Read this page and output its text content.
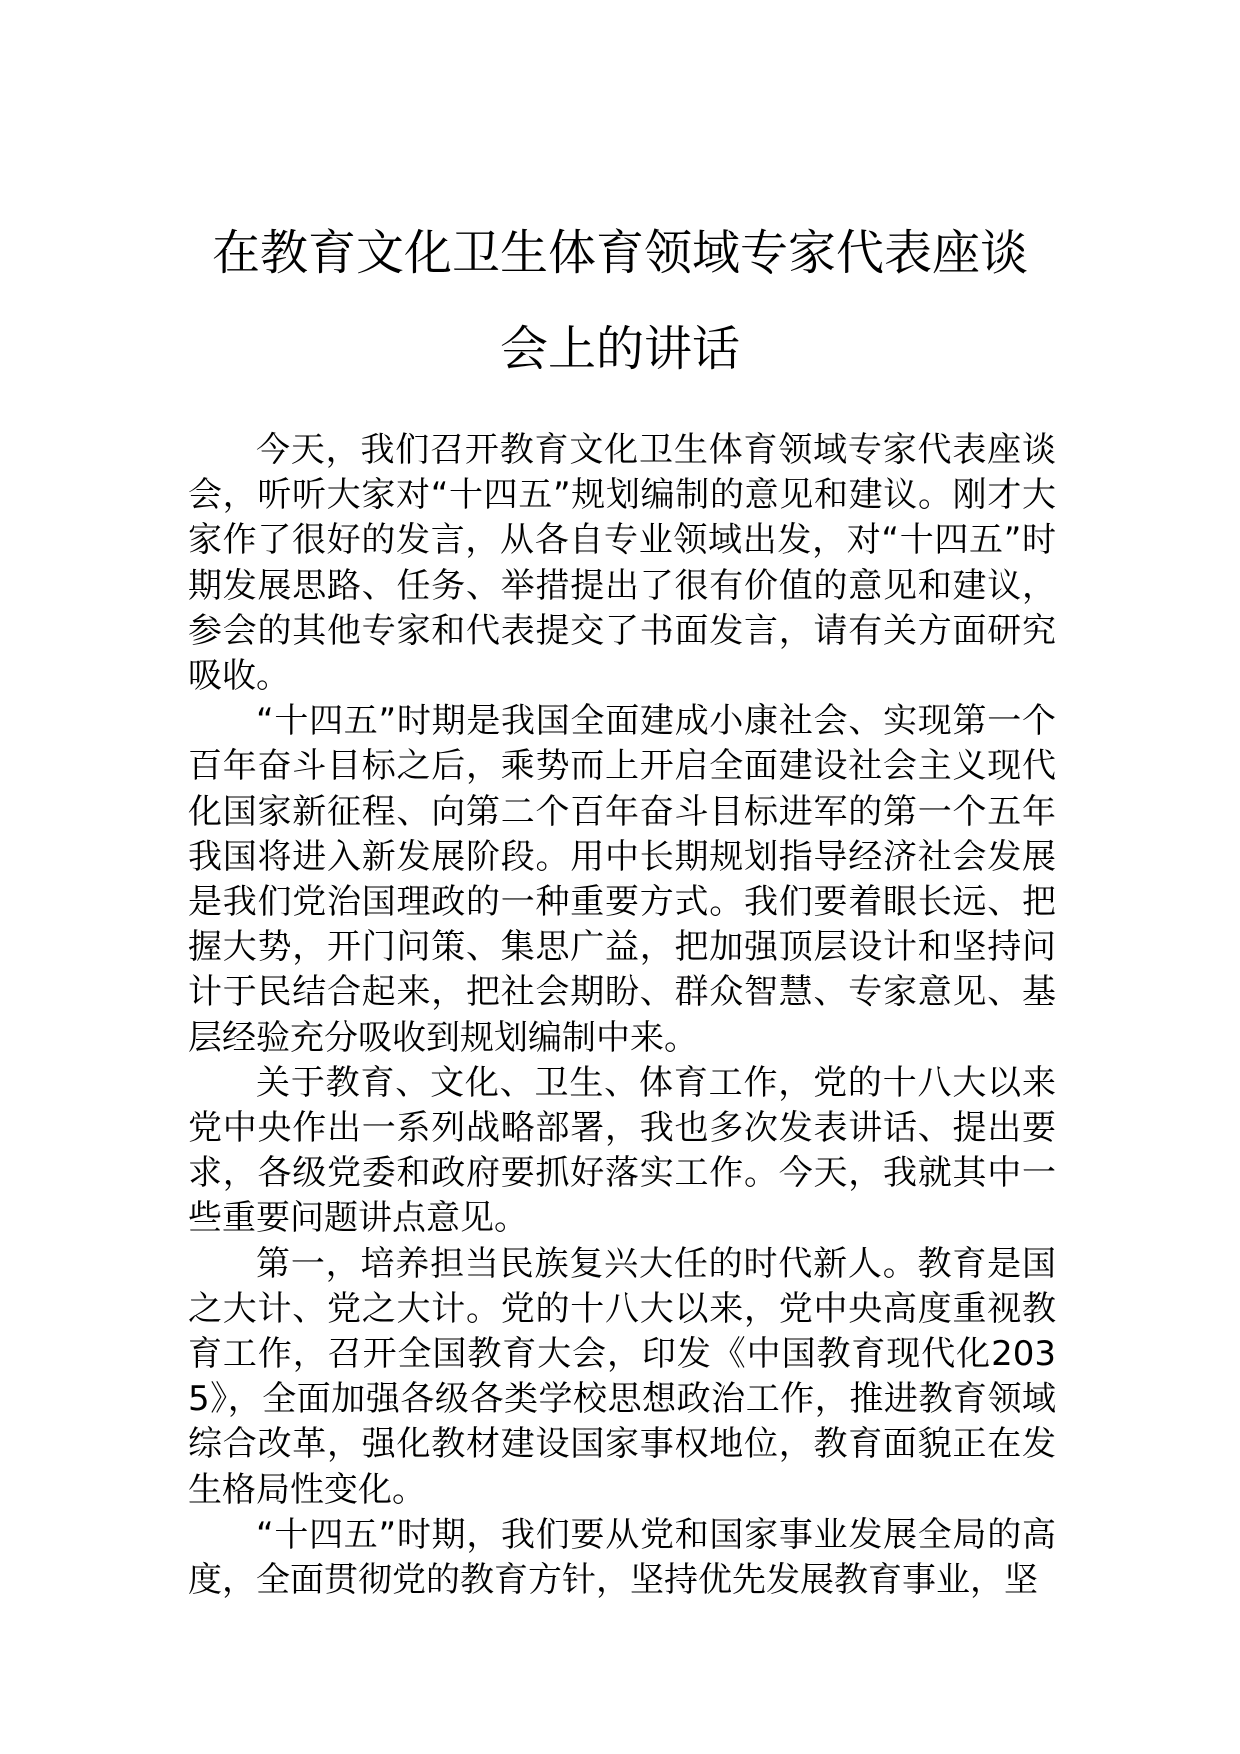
在教育文化卫生体育领域专家代表座谈会上的讲话

今天，我们召开教育文化卫生体育领域专家代表座谈会，听听大家对“十四五”规划编制的意见和建议。刚才大家作了很好的发言，从各自专业领域出发，对“十四五”时期发展思路、任务、举措提出了很有价值的意见和建议，参会的其他专家和代表提交了书面发言，请有关方面研究吸收。

“十四五”时期是我国全面建成小康社会、实现第一个百年奋斗目标之后，乘势而上开启全面建设社会主义现代化国家新征程、向第二个百年奋斗目标进军的第一个五年我国将进入新发展阶段。用中长期规划指导经济社会发展是我们党治国理政的一种重要方式。我们要着眼长远、把握大势，开门问策、集思广益，把加强顶层设计和坚持问计于民结合起来，把社会期盼、群众智慧、专家意见、基层经验充分吸收到规划编制中来。

关于教育、文化、卫生、体育工作，党的十八大以来党中央作出一系列战略部署，我也多次发表讲话、提出要求，各级党委和政府要抓好落实工作。今天，我就其中一些重要问题讲点意见。

第一，培养担当民族复兴大任的时代新人。教育是国之大计、党之大计。党的十八大以来，党中央高度重视教育工作，召开全国教育大会，印发《中国教育现代化2035》，全面加强各级各类学校思想政治工作，推进教育领域综合改革，强化教材建设国家事权地位，教育面貌正在发生格局性变化。

“十四五”时期，我们要从党和国家事业发展全局的高度，全面贯彻党的教育方针，坚持优先发展教育事业，坚
